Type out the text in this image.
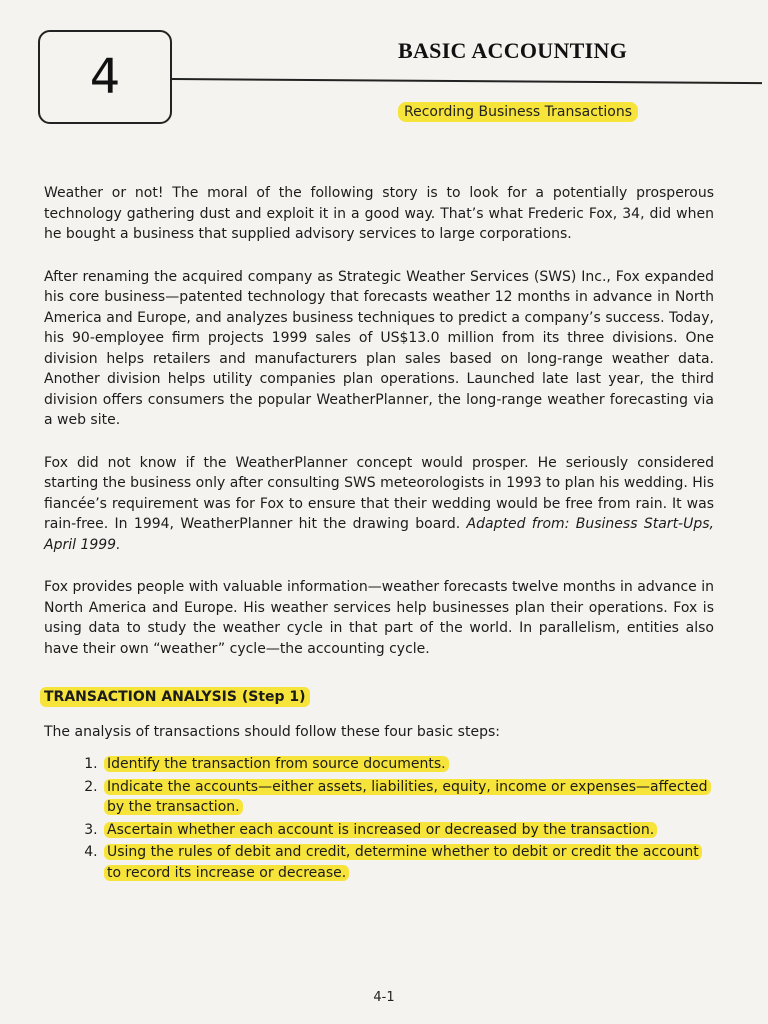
4	BASIC ACCOUNTING
Recording Business Transactions

Weather or not! The moral of the following story is to look for a potentially prosperous technology gathering dust and exploit it in a good way. That’s what Frederic Fox, 34, did when he bought a business that supplied advisory services to large corporations.

After renaming the acquired company as Strategic Weather Services (SWS) Inc., Fox expanded his core business—patented technology that forecasts weather 12 months in advance in North America and Europe, and analyzes business techniques to predict a company’s success. Today, his 90-employee firm projects 1999 sales of US$13.0 million from its three divisions. One division helps retailers and manufacturers plan sales based on long-range weather data. Another division helps utility companies plan operations. Launched late last year, the third division offers consumers the popular WeatherPlanner, the long-range weather forecasting via a web site.

Fox did not know if the WeatherPlanner concept would prosper. He seriously considered starting the business only after consulting SWS meteorologists in 1993 to plan his wedding. His fiancée’s requirement was for Fox to ensure that their wedding would be free from rain. It was rain-free. In 1994, WeatherPlanner hit the drawing board. Adapted from: Business Start-Ups, April 1999.

Fox provides people with valuable information—weather forecasts twelve months in advance in North America and Europe. His weather services help businesses plan their operations. Fox is using data to study the weather cycle in that part of the world. In parallelism, entities also have their own “weather” cycle—the accounting cycle.

TRANSACTION ANALYSIS (Step 1)
The analysis of transactions should follow these four basic steps:
1. Identify the transaction from source documents.
2. Indicate the accounts—either assets, liabilities, equity, income or expenses—affected by the transaction.
3. Ascertain whether each account is increased or decreased by the transaction.
4. Using the rules of debit and credit, determine whether to debit or credit the account to record its increase or decrease.
4-1
